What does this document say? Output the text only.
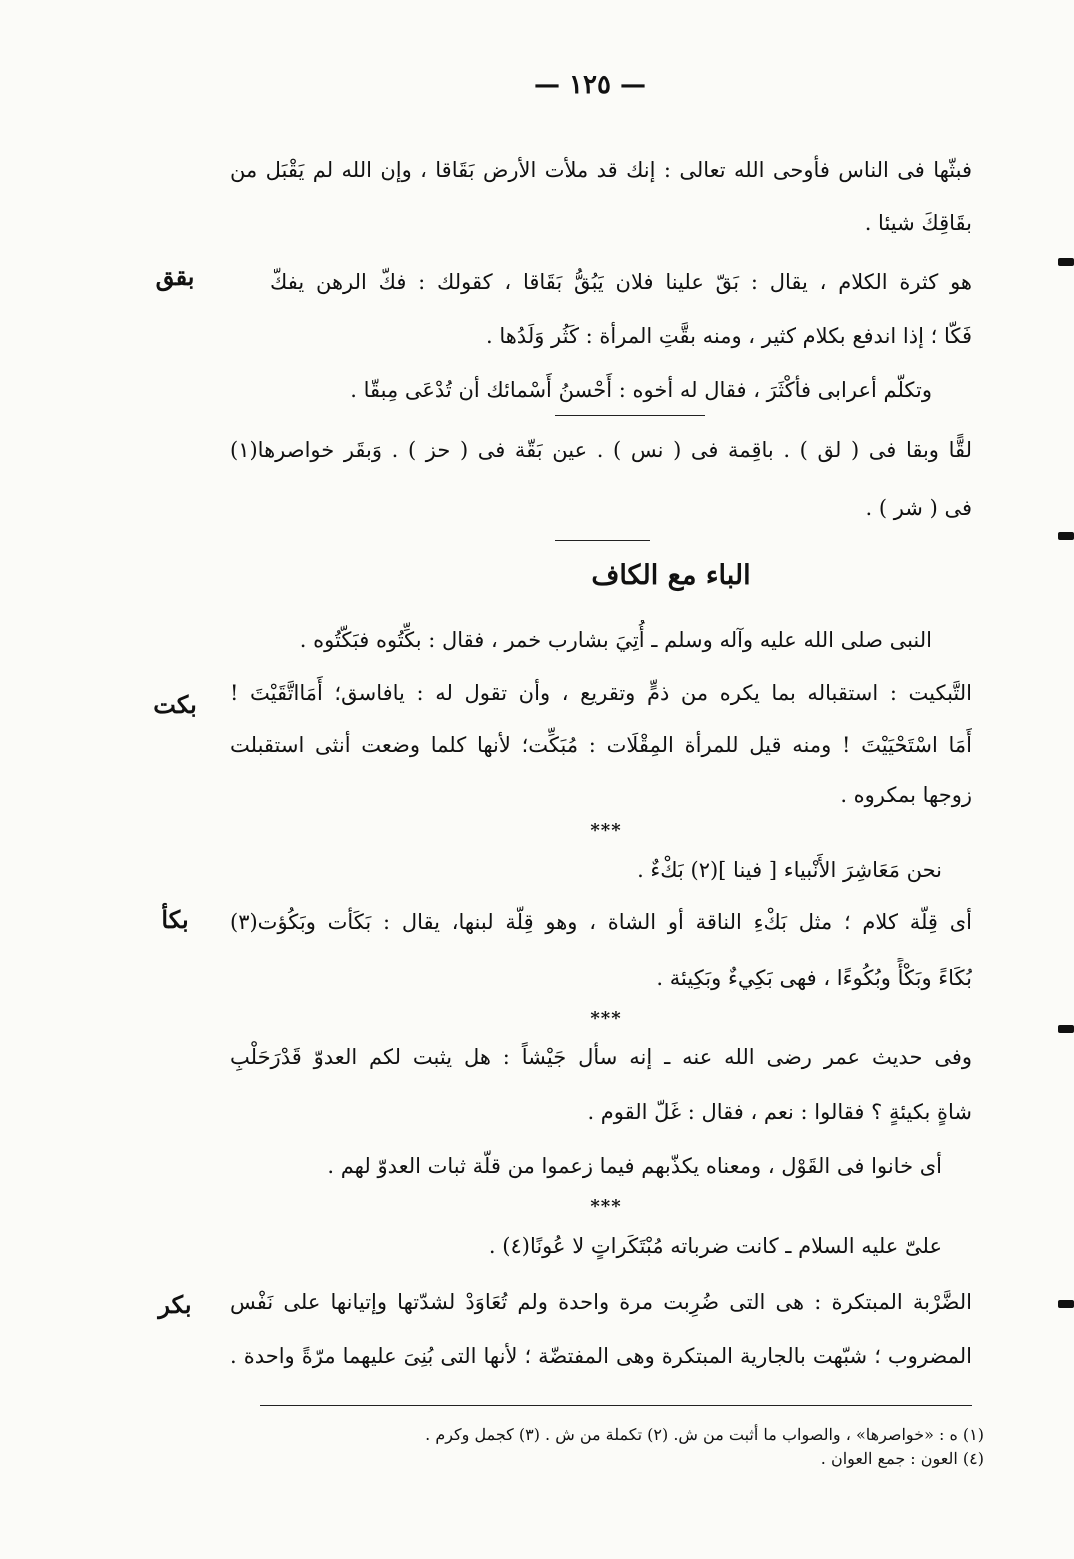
— ١٢٥ —
فبثّها فى الناس فأوحى الله تعالى : إنك قد ملأت الأرض بَقَاقا ، وإن الله لم يَقْبَل من
بقَاقِكَ شيئا .
هو كثرة الكلام ، يقال : بَقّ علينا فلان يَبُقُّ بَقَاقا ، كقولك : فكّ الرهن يفكّ
فَكّا ؛ إذا اندفع بكلام كثير ، ومنه بقَّتِ المرأة : كَثُر وَلَدُها .
وتكلّم أعرابى فأكْثَرَ ، فقال له أخوه : أَحْسنُ أَسْمائك أن تُدْعَى مِبقّا .
لقًّا وبقا فى ( لق ) . باقِمة فى ( نس ) . عين بَقّة فى ( حز ) . وَبقَر خواصرها(١)
فى ( شر ) .
النبى صلى الله عليه وآله وسلم ـ أُتِيَ بشارب خمر ، فقال : بكِّتُوه فبَكّتُوه .
التَّبكيت : استقباله بما يكره من ذمٍّ وتقريع ، وأن تقول له : يافاسق؛ أَمَااتَّقَيْتَ !
أَمَا اسْتَحْيَيْتَ ! ومنه قيل للمرأة المِقْلَات : مُبَكِّت؛ لأنها كلما وضعت أنثى استقبلت
زوجها بمكروه .
نحن مَعَاشِرَ الأَنْبياء [ فينا ](٢) بَكْءٌ .
أى قِلّة كلام ؛ مثل بَكْءِ الناقة أو الشاة ، وهو قِلّة لبنها، يقال : بَكَأت وبَكُؤت(٣)
بُكَاءً وبَكْأً وبُكُوءًا ، فهى بَكِيءٌ وبَكِيئة .
وفى حديث عمر رضى الله عنه ـ إنه سأل جَيْشاً : هل يثبت لكم العدوّ قَدْرَحَلْبِ
شاةٍ بكيئةٍ ؟ فقالوا : نعم ، فقال : غَلّ القوم .
أى خانوا فى القَوْل ، ومعناه يكذّبهم فيما زعموا من قلّة ثبات العدوّ لهم .
علىّ عليه السلام ـ كانت ضرباته مُبْتَكَراتٍ لا عُونًا(٤) .
الضَّرْبة المبتكرة : هى التى ضُرِبت مرة واحدة ولم تُعَاوَدْ لشدّتها وإتيانها على نَفْس
المضروب ؛ شبّهت بالجارية المبتكرة وهى المفتضّة ؛ لأنها التى بُنِىَ عليهما مرّةً واحدة .
بقق
بكت
بكأ
بكر
الباء مع الكاف
***
***
***
(١) ه : «خواصرها» ، والصواب ما أثبت من ش. (٢) تكملة من ش . (٣) كجمل وكرم .
(٤) العون : جمع العوان .
